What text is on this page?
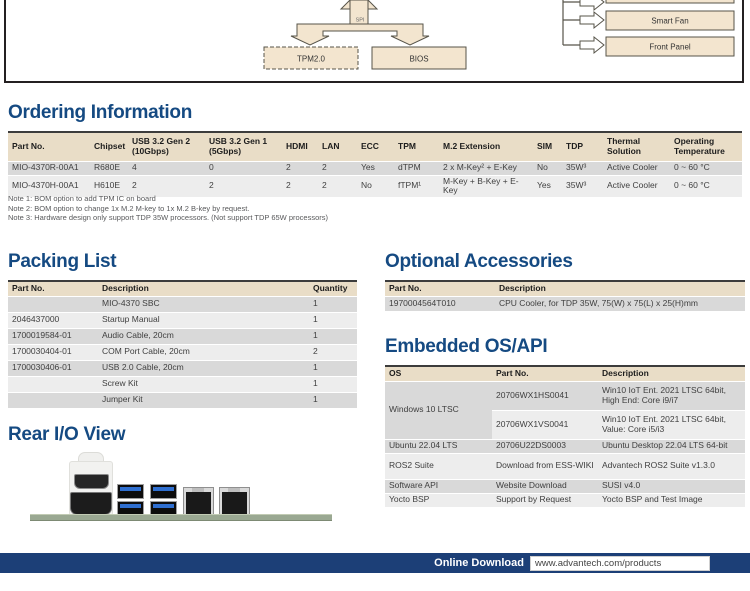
SPI
TPM2.0	BIOS
Smart Fan
Front Panel
Ordering Information
Part No.	Chipset	USB 3.2 Gen 2 (10Gbps)	USB 3.2 Gen 1 (5Gbps)	HDMI	LAN	ECC	TPM	M.2 Extension	SIM	TDP	Thermal Solution	Operating Temperature
MIO-4370R-00A1	R680E	4	0	2	2	Yes	dTPM	2 x M-Key² + E-Key	No	35W³	Active Cooler	0 ~ 60 °C
MIO-4370H-00A1	H610E	2	2	2	2	No	fTPM¹	M-Key + B-Key + E-Key	Yes	35W³	Active Cooler	0 ~ 60 °C
Note 1: BOM option to add TPM IC on board
Note 2: BOM option to change 1x M.2 M-key to 1x M.2 B-key by request.
Note 3: Hardware design only support TDP 35W processors. (Not support TDP 65W processors)
Packing List
Part No.	Description	Quantity
	MIO-4370 SBC	1
2046437000	Startup Manual	1
1700019584-01	Audio Cable, 20cm	1
1700030404-01	COM Port Cable, 20cm	2
1700030406-01	USB 2.0 Cable, 20cm	1
	Screw Kit	1
	Jumper Kit	1
Rear I/O View
Optional Accessories
Part No.	Description
1970004564T010	CPU Cooler, for TDP 35W, 75(W) x 75(L) x 25(H)mm
Embedded OS/API
OS	Part No.	Description
Windows 10 LTSC	20706WX1HS0041	Win10 IoT Ent. 2021 LTSC 64bit, High End: Core i9/i7
	20706WX1VS0041	Win10 IoT Ent. 2021 LTSC 64bit, Value: Core i5/i3
Ubuntu 22.04 LTS	20706U22DS0003	Ubuntu Desktop 22.04 LTS 64-bit
ROS2 Suite	Download from ESS-WIKI	Advantech ROS2 Suite v1.3.0
Software API	Website Download	SUSI v4.0
Yocto BSP	Support by Request	Yocto BSP and Test Image
Online Download	www.advantech.com/products
